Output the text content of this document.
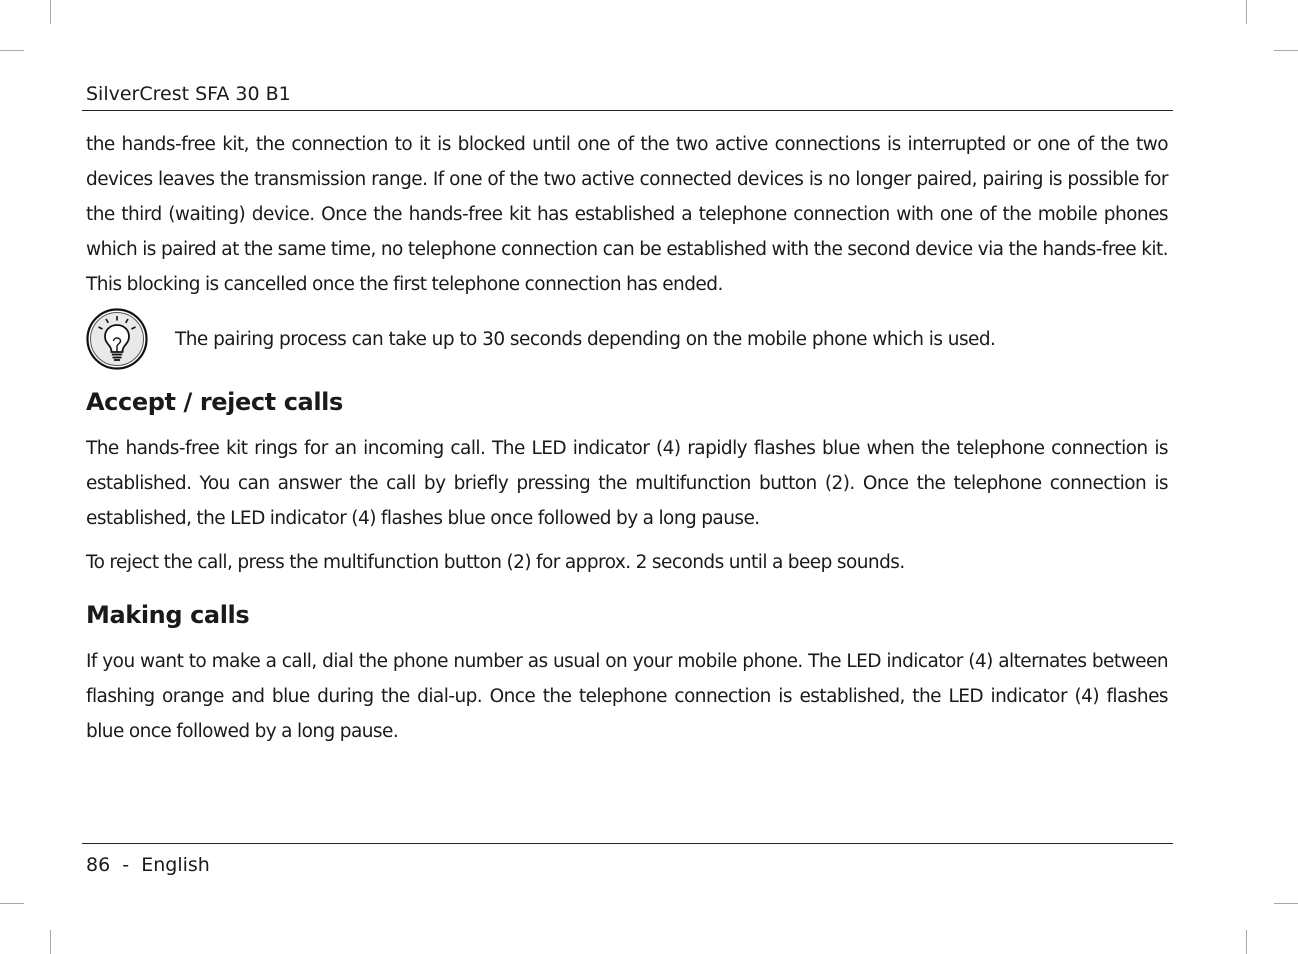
SilverCrest SFA 30 B1

the hands-free kit, the connection to it is blocked until one of the two active connections is interrupted or one of the two devices leaves the transmission range. If one of the two active connected devices is no longer paired, pairing is possible for the third (waiting) device. Once the hands-free kit has established a telephone connection with one of the mobile phones which is paired at the same time, no telephone connection can be established with the second device via the hands-free kit. This blocking is cancelled once the first telephone connection has ended.

The pairing process can take up to 30 seconds depending on the mobile phone which is used.
Accept / reject calls

The hands-free kit rings for an incoming call. The LED indicator (4) rapidly flashes blue when the telephone connection is established. You can answer the call by briefly pressing the multifunction button (2). Once the telephone connection is established, the LED indicator (4) flashes blue once followed by a long pause.

To reject the call, press the multifunction button (2) for approx. 2 seconds until a beep sounds.

Making calls

If you want to make a call, dial the phone number as usual on your mobile phone. The LED indicator (4) alternates between flashing orange and blue during the dial-up. Once the telephone connection is established, the LED indicator (4) flashes blue once followed by a long pause.

86 - English
